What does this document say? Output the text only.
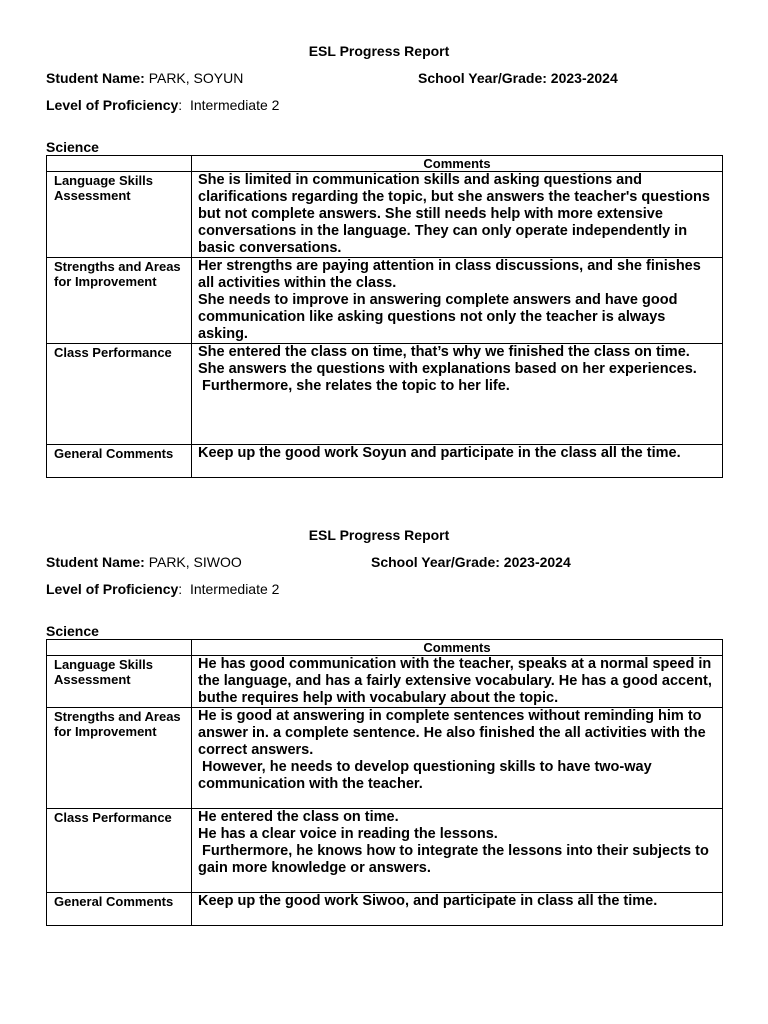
ESL Progress Report
Student Name: PARK, SOYUN	School Year/Grade: 2023-2024
Level of Proficiency: Intermediate 2
Science
	Comments
Language Skills Assessment	She is limited in communication skills and asking questions and clarifications regarding the topic, but she answers the teacher's questions but not complete answers. She still needs help with more extensive conversations in the language. They can only operate independently in basic conversations.

Strengths and Areas for Improvement	Her strengths are paying attention in class discussions, and she finishes all activities within the class.
She needs to improve in answering complete answers and have good communication like asking questions not only the teacher is always asking.

Class Performance	She entered the class on time, that’s why we finished the class on time.
She answers the questions with explanations based on her experiences.
Furthermore, she relates the topic to her life.

General Comments	Keep up the good work Soyun and participate in the class all the time.
ESL Progress Report
Student Name: PARK, SIWOO	School Year/Grade: 2023-2024
Level of Proficiency: Intermediate 2
Science
	Comments
Language Skills Assessment	He has good communication with the teacher, speaks at a normal speed in the language, and has a fairly extensive vocabulary. He has a good accent, buthe requires help with vocabulary about the topic.

Strengths and Areas for Improvement	He is good at answering in complete sentences without reminding him to answer in. a complete sentence. He also finished the all activities with the correct answers.
However, he needs to develop questioning skills to have two-way communication with the teacher.

Class Performance	He entered the class on time.
He has a clear voice in reading the lessons.
Furthermore, he knows how to integrate the lessons into their subjects to gain more knowledge or answers.

General Comments	Keep up the good work Siwoo, and participate in class all the time.
